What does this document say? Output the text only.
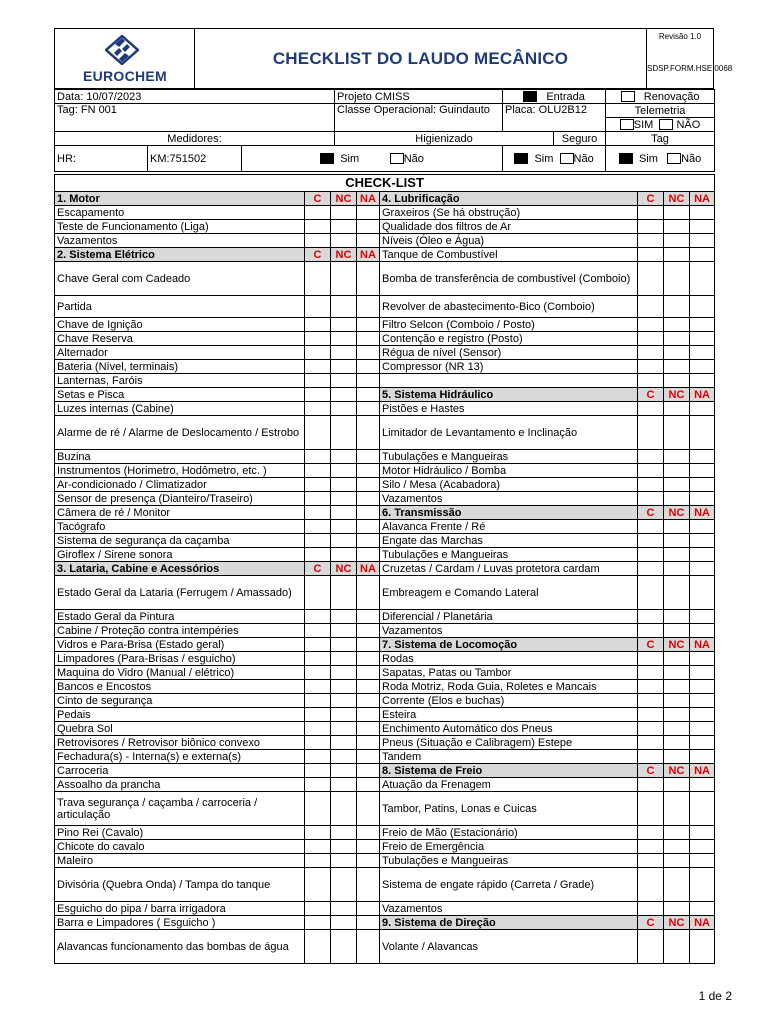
EUROCHEM
CHECKLIST DO LAUDO MECÂNICO
Revisão 1.0
SDSP.FORM.HSE.0068
Data: 10/07/2023			Projeto CMISS	Entrada		Renovação
Tag: FN 001			Classe Operacional: Guindauto	Placa: OLU2B12		Telemetria
						SIM NÃO
Medidores:			Higienizado		Seguro	Tag
HR:	KM:751502	Sim Não		Sim Não		Sim Não
CHECK-LIST							
1. Motor	C	NC	NA	4. Lubrificação	C	NC	NA
Escapamento				Graxeiros (Se há obstrução)			
Teste de Funcionamento (Liga)				Qualidade dos filtros de Ar			
Vazamentos				Níveis (Óleo e Água)			
2. Sistema Elétrico	C	NC	NA	Tanque de Combustível			
Chave Geral com Cadeado				Bomba de transferência de combustível (Comboio)			
Partida				Revolver de abastecimento-Bico (Comboio)			
Chave de Ignição				Filtro Selcon (Comboio / Posto)			
Chave Reserva				Contenção e registro (Posto)			
Alternador				Régua de nível (Sensor)			
Bateria (Nível, terminais)				Compressor (NR 13)			
Lanternas, Faróis							
Setas e Pisca				5. Sistema Hidráulico	C	NC	NA
Luzes internas (Cabine)				Pistões e Hastes			
Alarme de ré / Alarme de Deslocamento / Estrobo				Limitador de Levantamento e Inclinação			
Buzina				Tubulações e Mangueiras			
Instrumentos (Horimetro, Hodômetro, etc. )				Motor Hidráulico / Bomba			
Ar-condicionado / Climatizador				Silo / Mesa (Acabadora)			
Sensor de presença (Dianteiro/Traseiro)				Vazamentos			
Câmera de ré / Monitor				6. Transmissão	C	NC	NA
Tacógrafo				Alavanca Frente / Ré			
Sistema de segurança da caçamba				Engate das Marchas			
Giroflex / Sirene sonora				Tubulações e Mangueiras			
3. Lataria, Cabine e Acessórios	C	NC	NA	Cruzetas / Cardam / Luvas protetora cardam			
Estado Geral da Lataria (Ferrugem / Amassado)				Embreagem e Comando Lateral			
Estado Geral da Pintura				Diferencial / Planetária			
Cabine / Proteção contra intempéries				Vazamentos			
Vidros e Para-Brisa (Estado geral)				7. Sistema de Locomoção	C	NC	NA
Limpadores (Para-Brisas / esguicho)				Rodas			
Maquina do Vidro (Manual / elétrico)				Sapatas, Patas ou Tambor			
Bancos e Encostos				Roda Motriz, Roda Guia, Roletes e Mancais			
Cinto de segurança				Corrente (Elos e buchas)			
Pedais				Esteira			
Quebra Sol				Enchimento Automático dos Pneus			
Retrovisores / Retrovisor biônico convexo				Pneus (Situação e Calibragem) Estepe			
Fechadura(s) - Interna(s) e externa(s)				Tandem			
Carroceria				8. Sistema de Freio	C	NC	NA
Assoalho da prancha				Atuação da Frenagem			
Trava segurança / caçamba / carroceria / articulação				Tambor, Patins, Lonas e Cuicas			
Pino Rei (Cavalo)				Freio de Mão (Estacionário)			
Chicote do cavalo				Freio de Emergência			
Maleiro				Tubulações e Mangueiras			
Divisória (Quebra Onda) / Tampa do tanque				Sistema de engate rápido (Carreta / Grade)			
Esguicho do pipa / barra irrigadora				Vazamentos			
Barra e Limpadores ( Esguicho )				9. Sistema de Direção	C	NC	NA
Alavancas funcionamento das bombas de água				Volante / Alavancas			
1 de 2
